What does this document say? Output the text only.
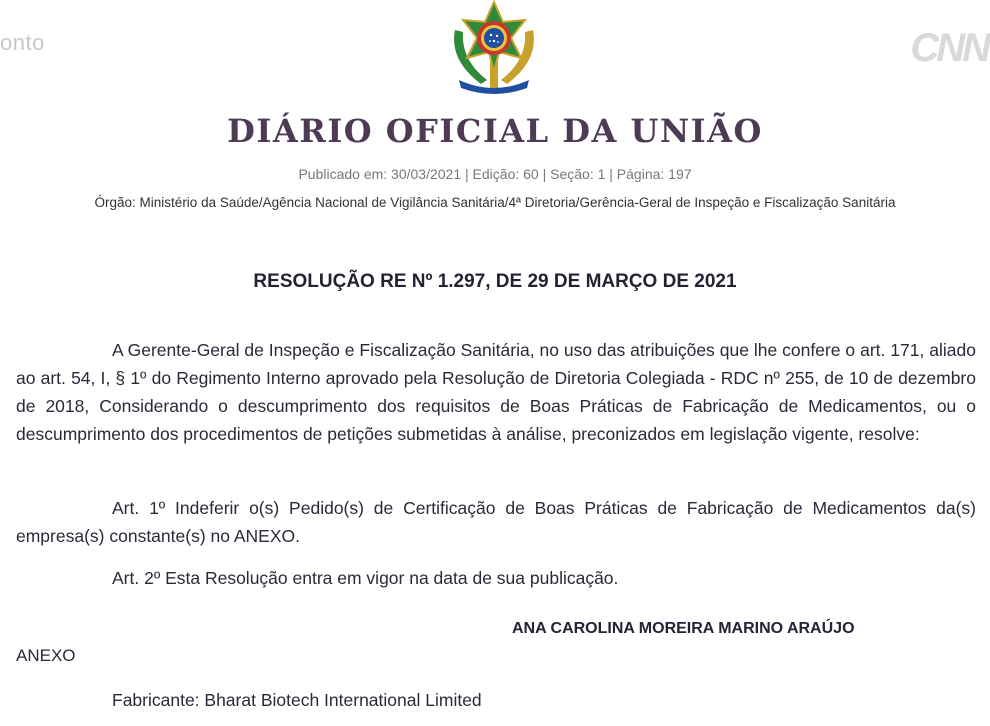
onto	CNN
DIÁRIO OFICIAL DA UNIÃO
Publicado em: 30/03/2021 | Edição: 60 | Seção: 1 | Página: 197
Órgão: Ministério da Saúde/Agência Nacional de Vigilância Sanitária/4ª Diretoria/Gerência-Geral de Inspeção e Fiscalização Sanitária
RESOLUÇÃO RE Nº 1.297, DE 29 DE MARÇO DE 2021
A Gerente-Geral de Inspeção e Fiscalização Sanitária, no uso das atribuições que lhe confere o art. 171, aliado ao art. 54, I, § 1º do Regimento Interno aprovado pela Resolução de Diretoria Colegiada - RDC nº 255, de 10 de dezembro de 2018, Considerando o descumprimento dos requisitos de Boas Práticas de Fabricação de Medicamentos, ou o descumprimento dos procedimentos de petições submetidas à análise, preconizados em legislação vigente, resolve:
Art. 1º Indeferir o(s) Pedido(s) de Certificação de Boas Práticas de Fabricação de Medicamentos da(s) empresa(s) constante(s) no ANEXO.
Art. 2º Esta Resolução entra em vigor na data de sua publicação.
ANA CAROLINA MOREIRA MARINO ARAÚJO
ANEXO
Fabricante: Bharat Biotech International Limited
